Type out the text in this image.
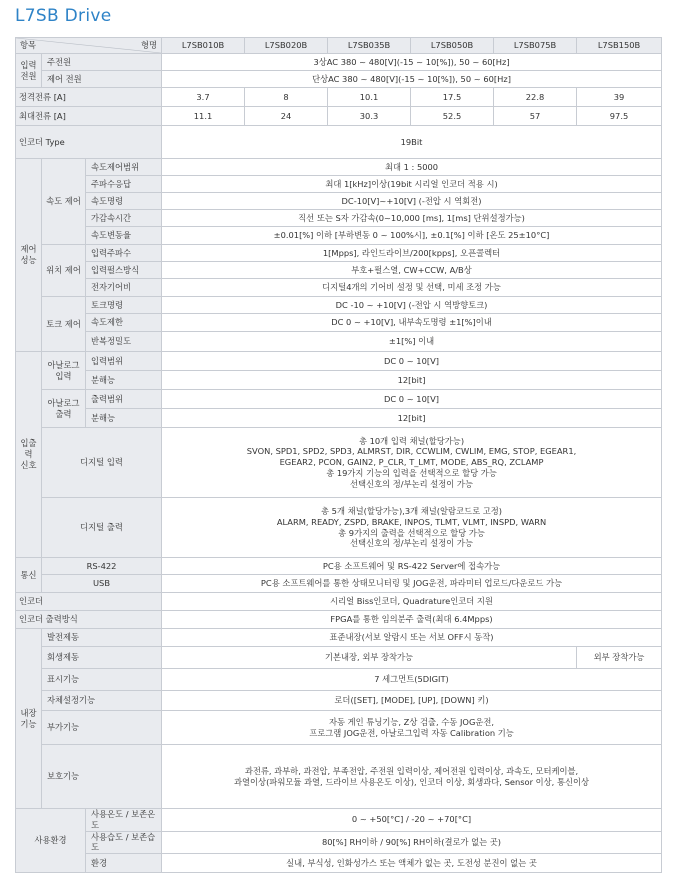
L7SB Drive
항목 형명			L7SB010B	L7SB020B	L7SB035B	L7SB050B	L7SB075B	L7SB150B
입력
전원	주전원		3상AC 380 ~ 480[V](-15 ~ 10[%]), 50 ~ 60[Hz]					
	제어 전원		단상AC 380 ~ 480[V](-15 ~ 10[%]), 50 ~ 60[Hz]					
정격전류 [A]			3.7	8	10.1	17.5	22.8	39
최대전류 [A]			11.1	24	30.3	52.5	57	97.5
인코더 Type			19Bit					
제어
성능	속도 제어	속도제어범위	최대 1 : 5000					
		주파수응답	최대 1[kHz]이상(19bit 시리얼 인코더 적용 시)					
		속도명령	DC-10[V]~+10[V] (-전압 시 역회전)					
		가감속시간	직선 또는 S자 가감속(0~10,000 [ms], 1[ms] 단위설정가능)					
		속도변동율	±0.01[%] 이하 [부하변동 0 ~ 100%시], ±0.1[%] 이하 [온도 25±10°C]					
	위치 제어	입력주파수	1[Mpps], 라인드라이브/200[kpps], 오픈콜렉터					
		입력펄스방식	부호+펄스열, CW+CCW, A/B상					
		전자기어비	디지털4개의 기어비 설정 및 선택, 미세 조정 가능					
	토크 제어	토크명령	DC -10 ~ +10[V] (-전압 시 역방향토크)					
		속도제한	DC 0 ~ +10[V], 내부속도명령 ±1[%]이내					
		반복정밀도	±1[%] 이내					
입출력
신호	아날로그
입력	입력범위	DC 0 ~ 10[V]					
		분해능	12[bit]					
	아날로그
출력	출력범위	DC 0 ~ 10[V]					
		분해능	12[bit]					
	디지털 입력		총 10개 입력 채널(할당가능)
SVON, SPD1, SPD2, SPD3, ALMRST, DIR, CCWLIM, CWLIM, EMG, STOP, EGEAR1,
EGEAR2, PCON, GAIN2, P_CLR, T_LMT, MODE, ABS_RQ, ZCLAMP
총 19가지 기능의 입력을 선택적으로 할당 가능
선택신호의 정/부논리 설정이 가능					
	디지털 출력		총 5개 채널(할당가능),3개 채널(알람코드로 고정)
ALARM, READY, ZSPD, BRAKE, INPOS, TLMT, VLMT, INSPD, WARN
총 9가지의 출력을 선택적으로 할당 가능
선택신호의 정/부논리 설정이 가능					
통신	RS-422		PC용 소프트웨어 및 RS-422 Server에 접속가능					
	USB		PC용 소프트웨어를 통한 상태모니터링 및 JOG운전, 파라미터 업로드/다운로드 가능					
인코더			시리얼 Biss인코더, Quadrature인코더 지원					
인코더 출력방식			FPGA를 통한 임의분주 출력(최대 6.4Mpps)					
내장
기능	발전제동		표준내장(서보 알람시 또는 서보 OFF시 동작)					
	회생제동		기본내장, 외부 장착가능					외부 장착가능
	표시기능		7 세그먼트(5DIGIT)					
	자체설정기능		로더([SET], [MODE], [UP], [DOWN] 키)					
	부가기능		자동 게인 튜닝기능, Z상 검출, 수동 JOG운전,
프로그램 JOG운전, 아날로그입력 자동 Calibration 기능					
	보호기능		과전류, 과부하, 과전압, 부족전압, 주전원 입력이상, 제어전원 입력이상, 과속도, 모터케이블,
과열이상(파워모듈 과열, 드라이브 사용온도 이상), 인코더 이상, 회생과다, Sensor 이상, 통신이상					
사용환경		사용온도 / 보존온도	0 ~ +50[°C] / -20 ~ +70[°C]					
		사용습도 / 보존습도	80[%] RH이하 / 90[%] RH이하(결로가 없는 곳)					
		환경	실내, 부식성, 인화성가스 또는 액체가 없는 곳, 도전성 분진이 없는 곳					
